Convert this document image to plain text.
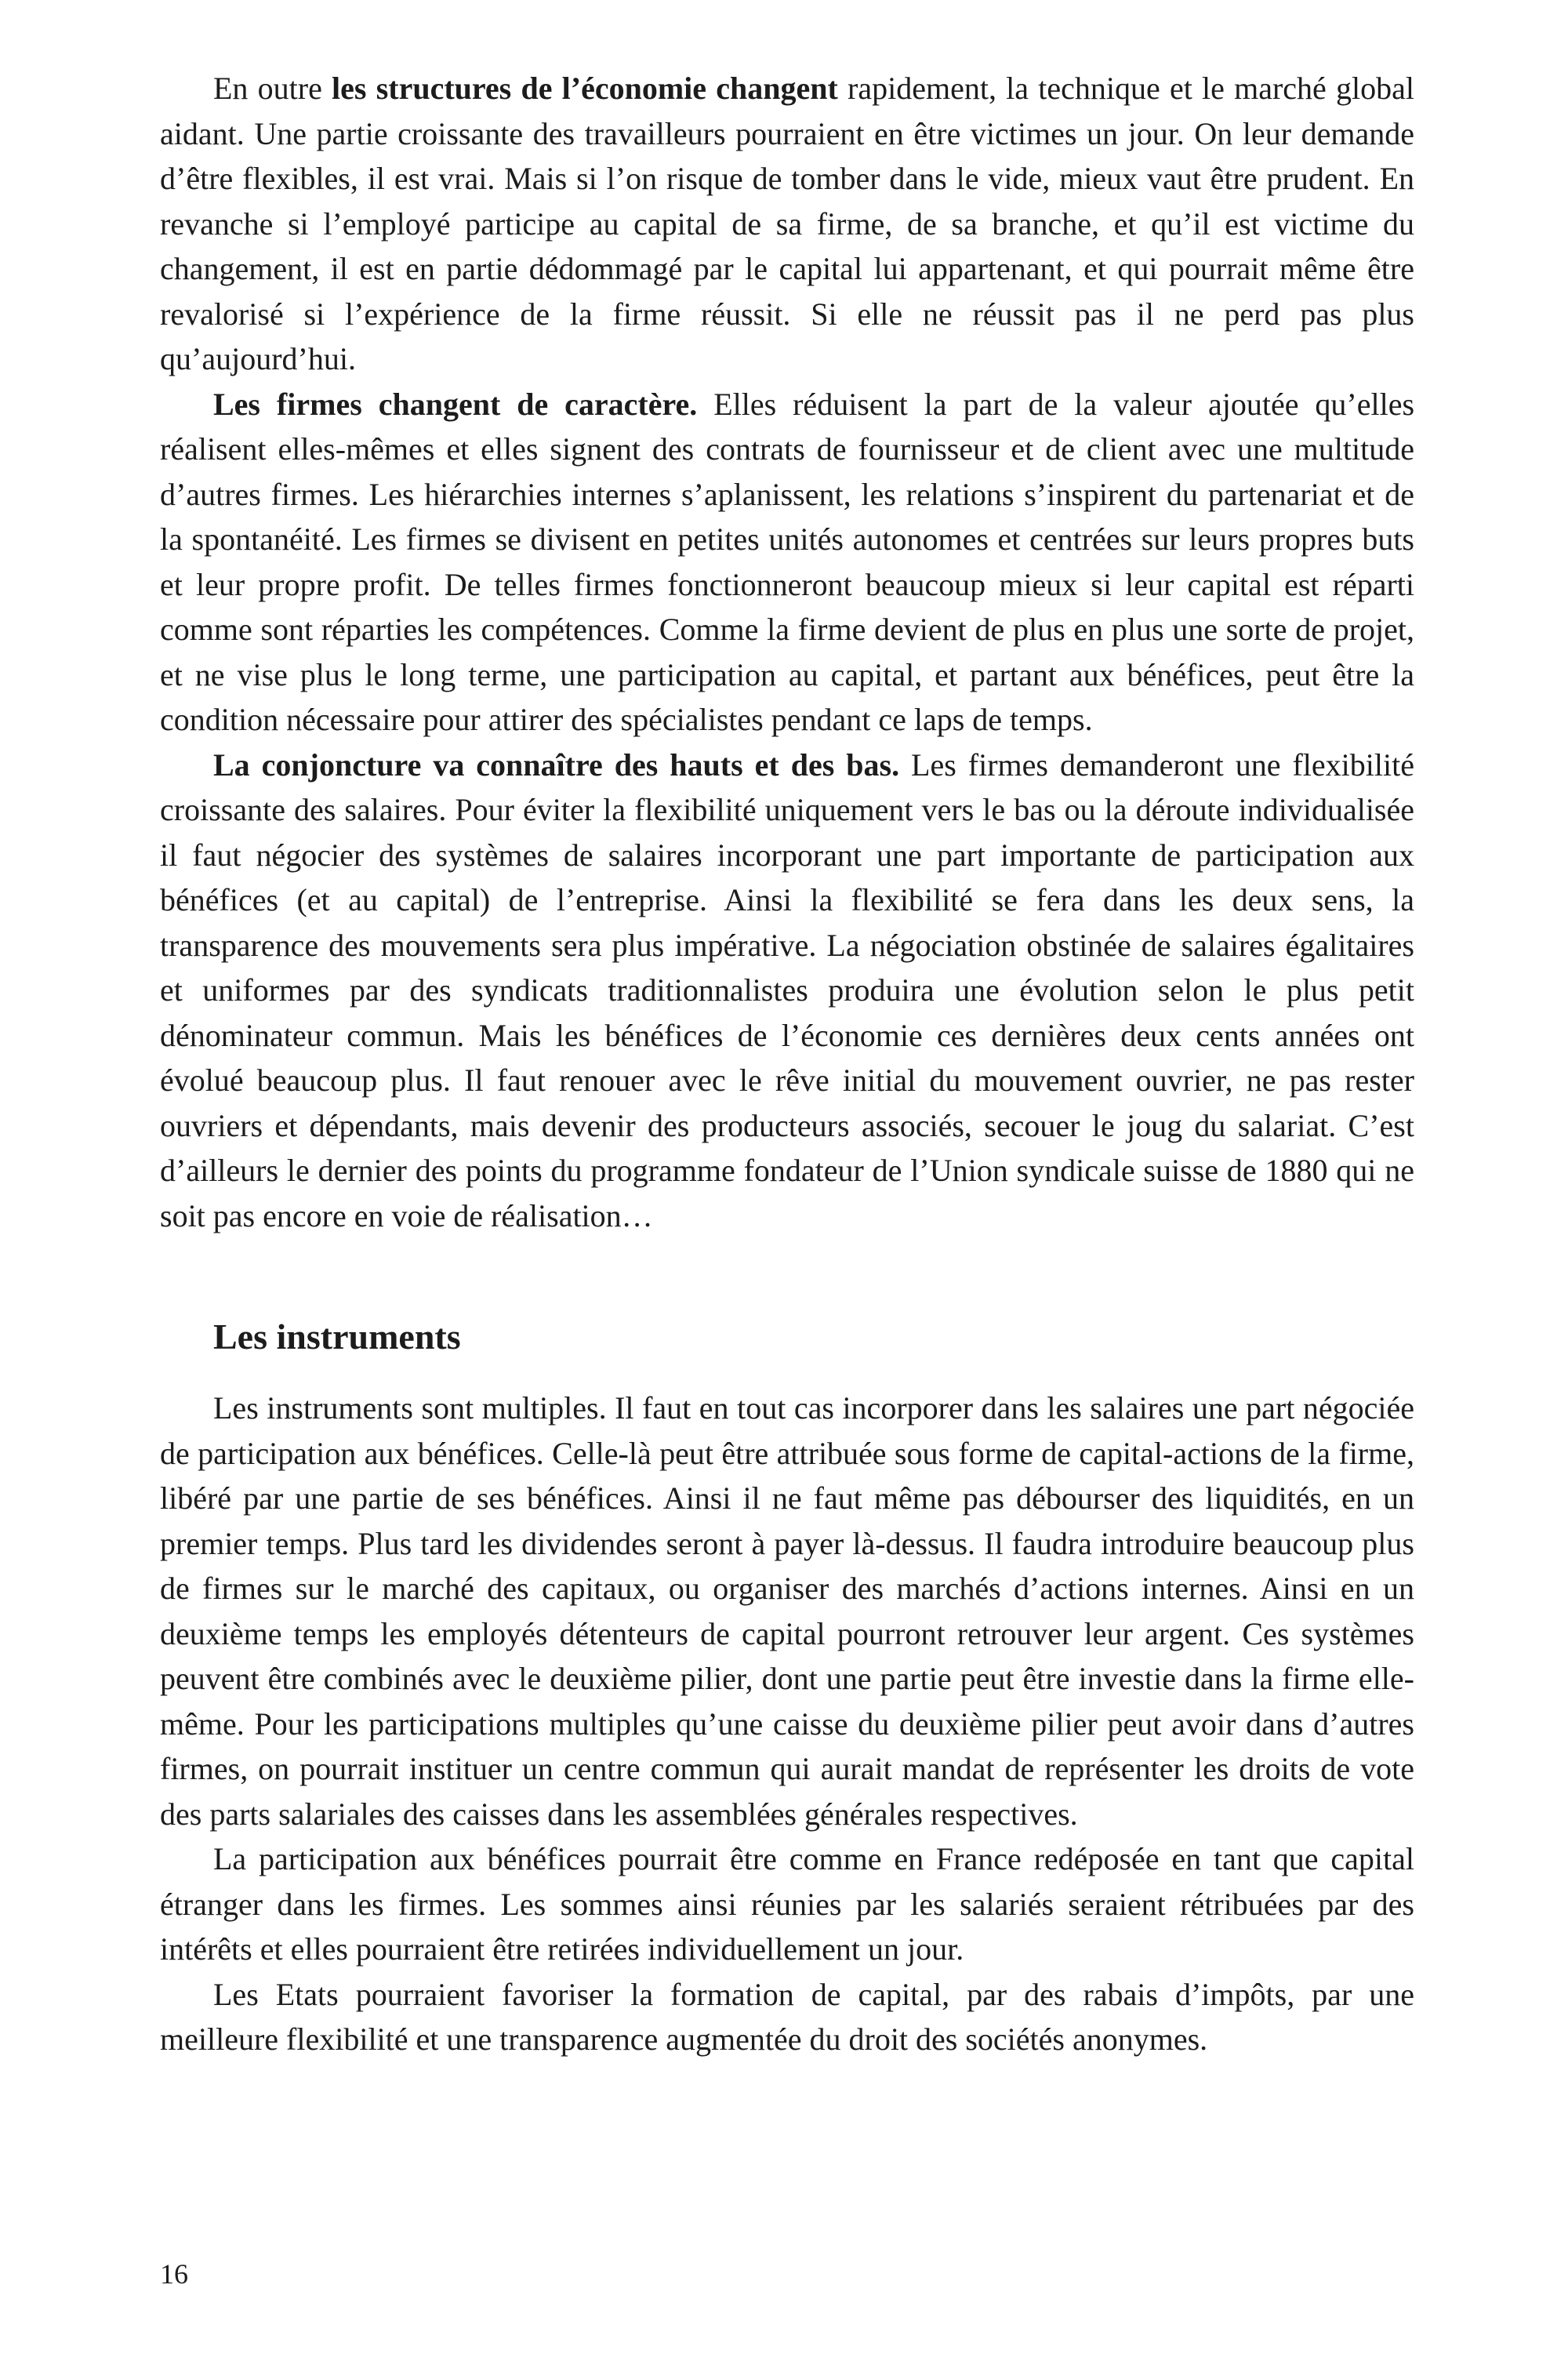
En outre les structures de l’économie changent rapidement, la technique et le marché global aidant. Une partie croissante des travailleurs pourraient en être victimes un jour. On leur demande d’être flexibles, il est vrai. Mais si l’on risque de tomber dans le vide, mieux vaut être prudent. En revanche si l’employé participe au capital de sa firme, de sa branche, et qu’il est victime du changement, il est en partie dédommagé par le capital lui appartenant, et qui pourrait même être revalorisé si l’expérience de la firme réussit. Si elle ne réussit pas il ne perd pas plus qu’aujourd’hui.

Les firmes changent de caractère. Elles réduisent la part de la valeur ajoutée qu’elles réalisent elles-mêmes et elles signent des contrats de fournisseur et de client avec une multitude d’autres firmes. Les hiérarchies internes s’aplanissent, les relations s’inspirent du partenariat et de la spontanéité. Les firmes se divisent en petites unités autonomes et centrées sur leurs propres buts et leur propre profit. De telles firmes fonctionneront beaucoup mieux si leur capital est réparti comme sont réparties les compétences. Comme la firme devient de plus en plus une sorte de projet, et ne vise plus le long terme, une participation au capital, et partant aux bénéfices, peut être la condition nécessaire pour attirer des spécialistes pendant ce laps de temps.

La conjoncture va connaître des hauts et des bas. Les firmes demanderont une flexibilité croissante des salaires. Pour éviter la flexibilité uniquement vers le bas ou la déroute individualisée il faut négocier des systèmes de salaires incorporant une part importante de participation aux bénéfices (et au capital) de l’entreprise. Ainsi la flexibilité se fera dans les deux sens, la transparence des mouvements sera plus impérative. La négociation obstinée de salaires égalitaires et uniformes par des syndicats traditionnalistes produira une évolution selon le plus petit dénominateur commun. Mais les bénéfices de l’économie ces dernières deux cents années ont évolué beaucoup plus. Il faut renouer avec le rêve initial du mouvement ouvrier, ne pas rester ouvriers et dépendants, mais devenir des producteurs associés, secouer le joug du salariat. C’est d’ailleurs le dernier des points du programme fondateur de l’Union syndicale suisse de 1880 qui ne soit pas encore en voie de réalisation…

Les instruments

Les instruments sont multiples. Il faut en tout cas incorporer dans les salaires une part négociée de participation aux bénéfices. Celle-là peut être attribuée sous forme de capital-actions de la firme, libéré par une partie de ses bénéfices. Ainsi il ne faut même pas débourser des liquidités, en un premier temps. Plus tard les dividendes seront à payer là-dessus. Il faudra introduire beaucoup plus de firmes sur le marché des capitaux, ou organiser des marchés d’actions internes. Ainsi en un deuxième temps les employés détenteurs de capital pourront retrouver leur argent. Ces systèmes peuvent être combinés avec le deuxième pilier, dont une partie peut être investie dans la firme elle-même. Pour les participations multiples qu’une caisse du deuxième pilier peut avoir dans d’autres firmes, on pourrait instituer un centre commun qui aurait mandat de représenter les droits de vote des parts salariales des caisses dans les assemblées générales respectives.

La participation aux bénéfices pourrait être comme en France redéposée en tant que capital étranger dans les firmes. Les sommes ainsi réunies par les salariés seraient rétribuées par des intérêts et elles pourraient être retirées individuellement un jour.

Les Etats pourraient favoriser la formation de capital, par des rabais d’impôts, par une meilleure flexibilité et une transparence augmentée du droit des sociétés anonymes.

16
